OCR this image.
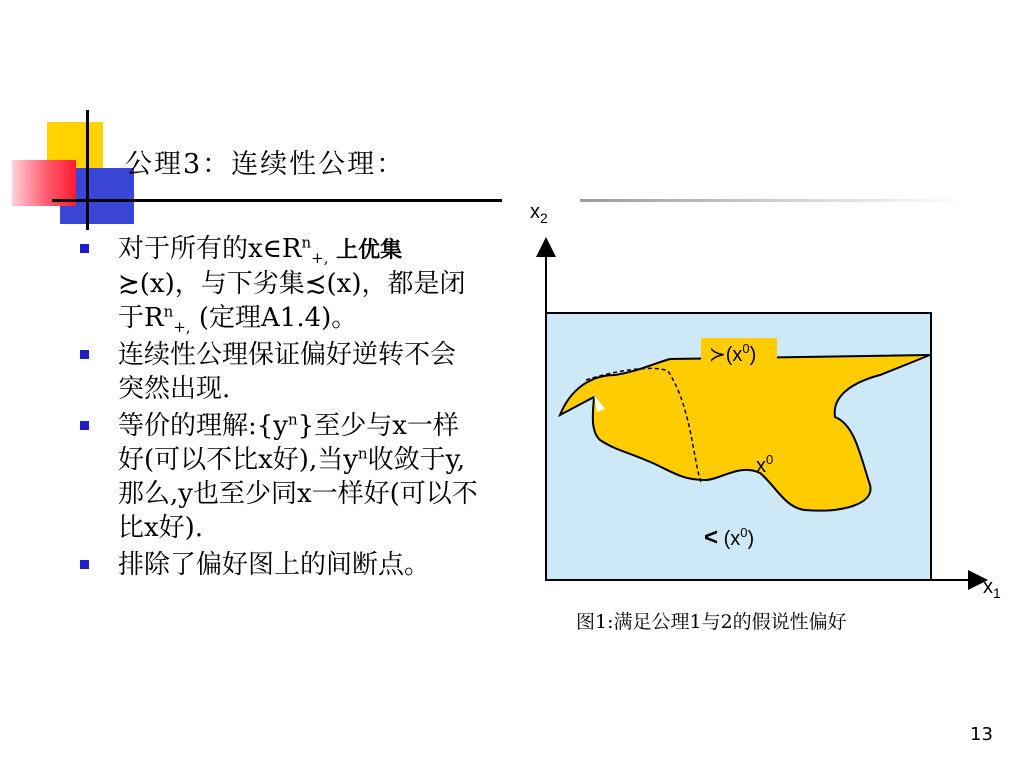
公理3：连续性公理：
对于所有的$x\in R^n_{+,}$ 上优集
≿(x)，与下劣集≾(x)，都是闭于$R^n_{+,}$ (定理A1.4)。
连续性公理保证偏好逆转不会突然出现.
等价的理解$:\{y^n\}$至少与x一样好(可以不比x好),当$y^n$收敛于y,那么,y也至少同x一样好(可以不比x好).
排除了偏好图上的间断点。
$x_2$
$x_1$
$≻(x^0)$
$x^0$
< $(x^0)$
图1:满足公理1与2的假说性偏好
13
